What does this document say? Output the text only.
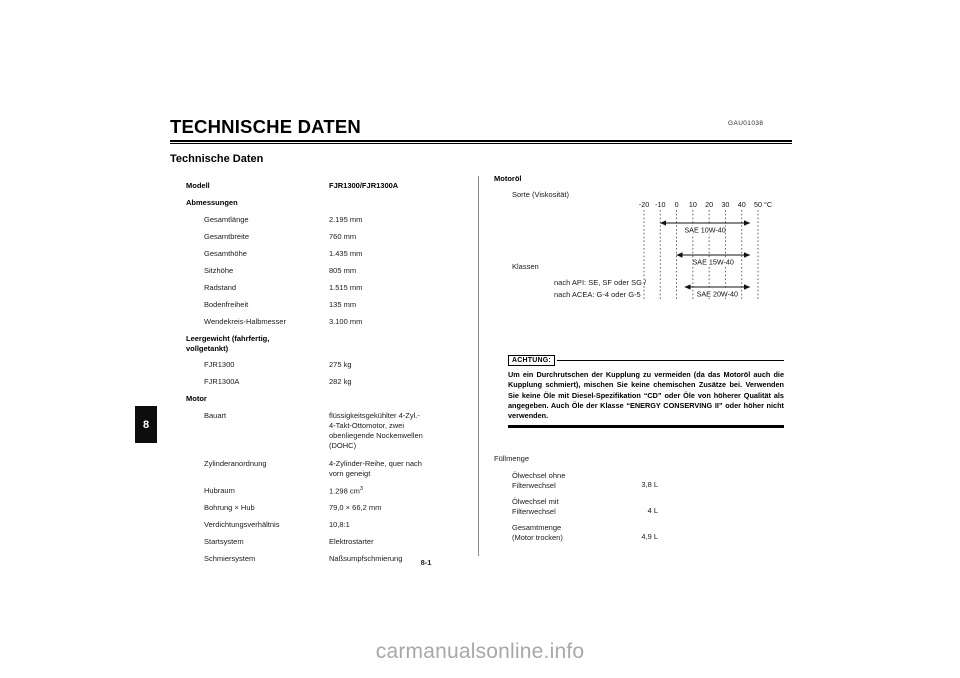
8
GAU01038
TECHNISCHE DATEN
Technische Daten
Modell	FJR1300/FJR1300A
Abmessungen
Gesamtlänge	2.195 mm
Gesamtbreite	760 mm
Gesamthöhe	1.435 mm
Sitzhöhe	805 mm
Radstand	1.515 mm
Bodenfreiheit	135 mm
Wendekreis-Halbmesser	3.100 mm
Leergewicht (fahrfertig,
vollgetankt)
FJR1300	275 kg
FJR1300A	282 kg
Motor
Bauart	flüssigkeitsgekühlter 4-Zyl.-
4-Takt-Ottomotor, zwei
obenliegende Nockenwellen
(DOHC)
Zylinderanordnung	4-Zylinder-Reihe, quer nach
vorn geneigt
Hubraum	1.298 $cm^3$
Bohrung × Hub	79,0 × 66,2 mm
Verdichtungsverhältnis	10,8:1
Startsystem	Elektrostarter
Schmiersystem	Naßsumpfschmierung
Motoröl
Sorte (Viskosität)
Klassen
nach API: SE, SF oder SG /
nach ACEA: G-4 oder G-5
-20 -10 0 10 20 30 40 50
SAE 10W-40
SAE 15W-40
SAE 20W-40
°C
ACHTUNG:
Um ein Durchrutschen der Kupplung zu vermeiden (da das Motoröl auch die Kupplung schmiert), mischen Sie keine chemischen Zusätze bei. Verwenden Sie keine Öle mit Diesel-Spezifikation “CD” oder Öle von höherer Qualität als angegeben. Auch Öle der Klasse “ENERGY CONSERVING II” oder höher nicht verwenden.
Füllmenge
Ölwechsel ohne
Filterwechsel	3,8 L
Ölwechsel mit
Filterwechsel	4 L
Gesamtmenge
(Motor trocken)	4,9 L
8-1
carmanualsonline.info
